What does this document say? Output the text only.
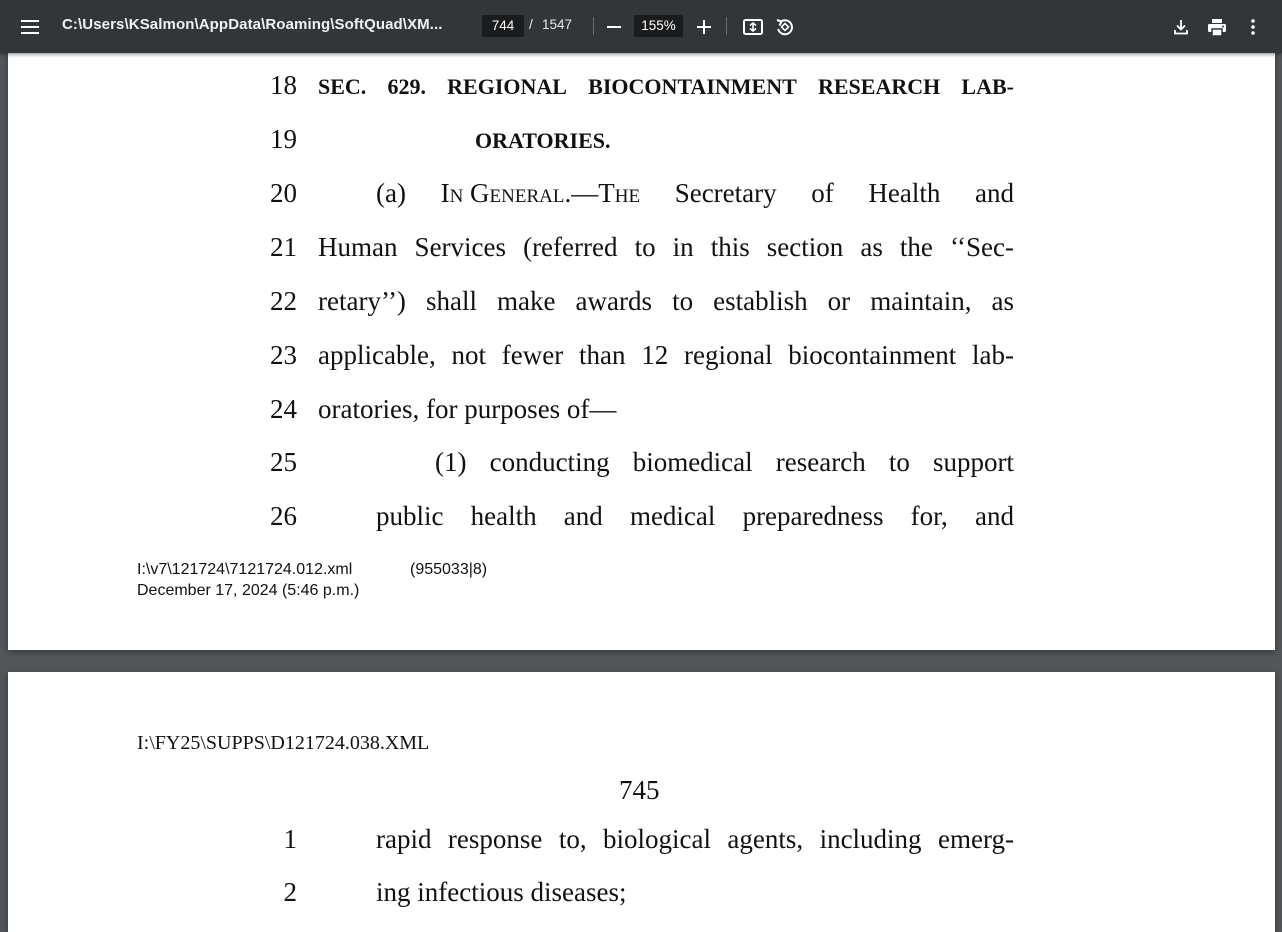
C:\Users\KSalmon\AppData\Roaming\SoftQuad\XM...	744	/ 1547	155%
18 SEC. 629. REGIONAL BIOCONTAINMENT RESEARCH LAB-
19	ORATORIES.
20	(a) In General.—The Secretary of Health and
21 Human Services (referred to in this section as the ‘‘Sec-
22 retary’’) shall make awards to establish or maintain, as
23 applicable, not fewer than 12 regional biocontainment lab-
24 oratories, for purposes of—
25	(1) conducting biomedical research to support
26	public health and medical preparedness for, and
I:\v7\121724\7121724.012.xml	(955033|8)
December 17, 2024 (5:46 p.m.)
I:\FY25\SUPPS\D121724.038.XML
745
1	rapid response to, biological agents, including emerg-
2	ing infectious diseases;
